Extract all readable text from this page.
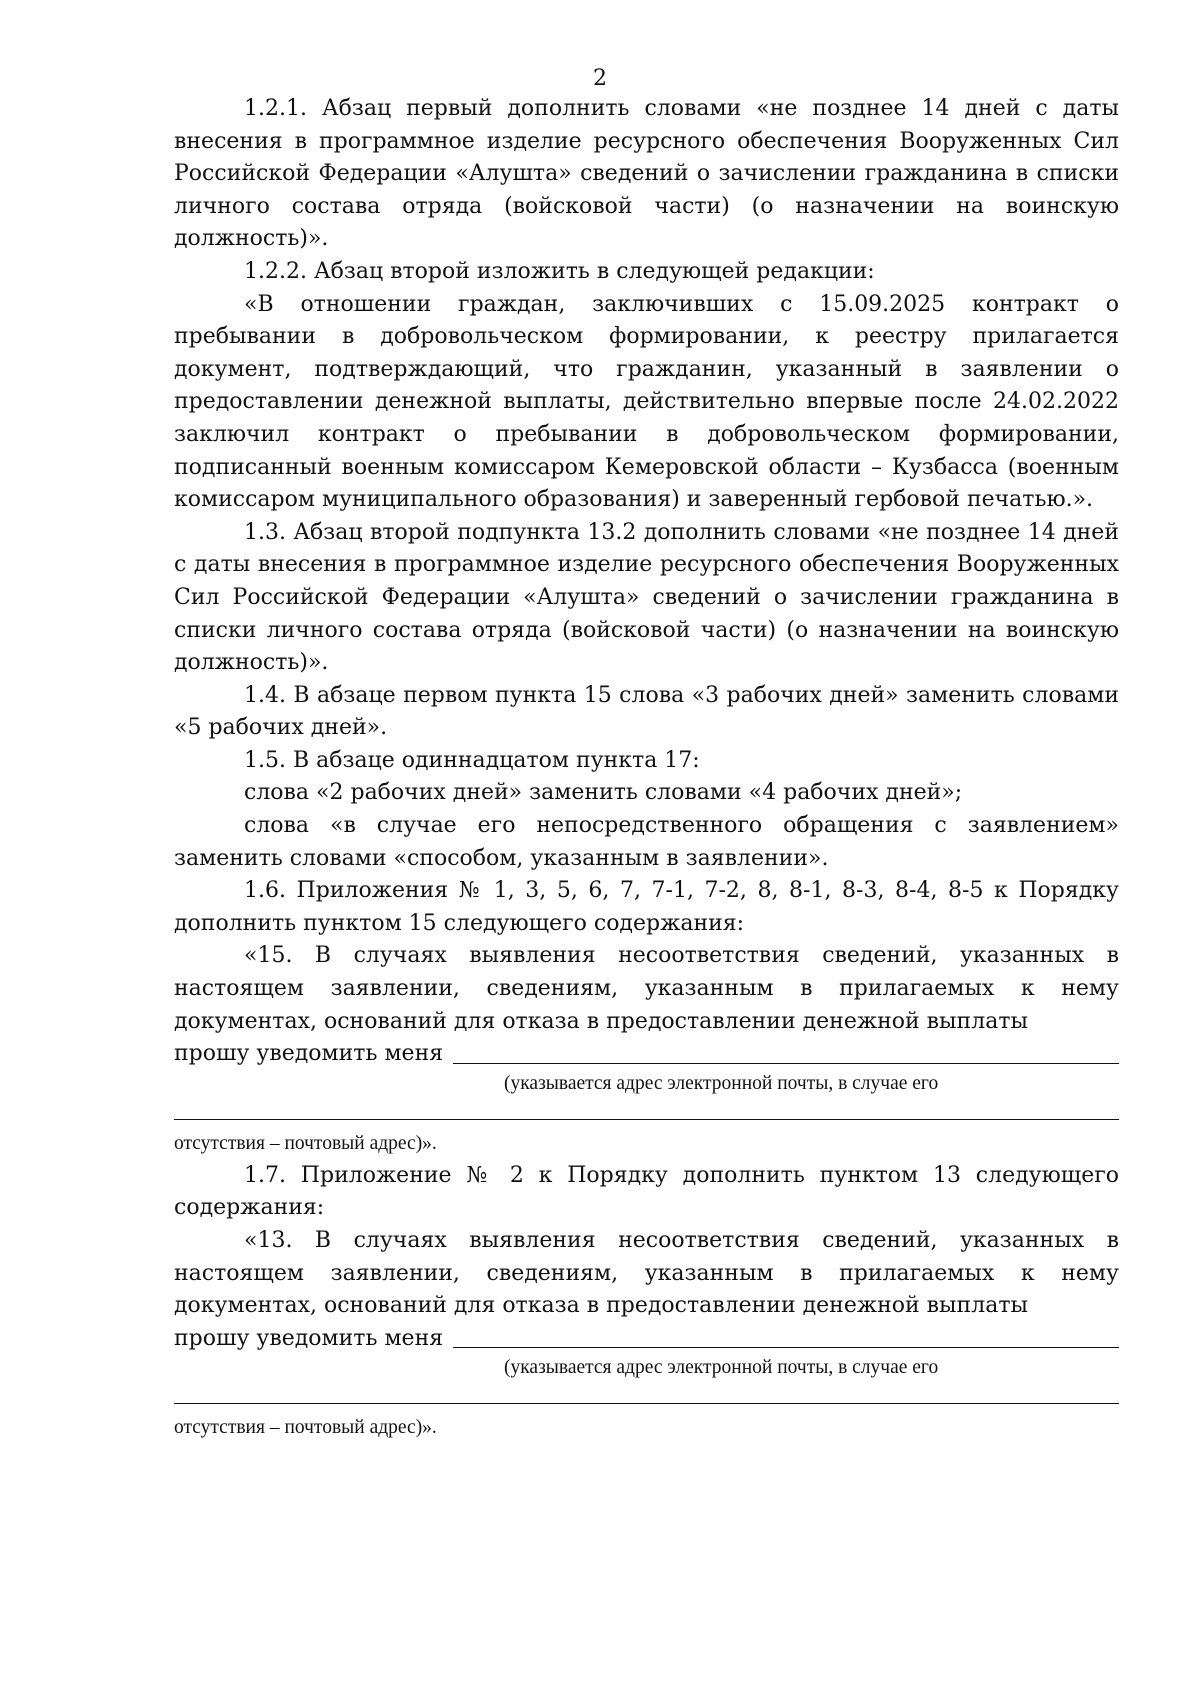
2

1.2.1. Абзац первый дополнить словами «не позднее 14 дней с даты внесения в программное изделие ресурсного обеспечения Вооруженных Сил Российской Федерации «Алушта» сведений о зачислении гражданина в списки личного состава отряда (войсковой части) (о назначении на воинскую должность)».

1.2.2. Абзац второй изложить в следующей редакции:

«В отношении граждан, заключивших с 15.09.2025 контракт о пребывании в добровольческом формировании, к реестру прилагается документ, подтверждающий, что гражданин, указанный в заявлении о предоставлении денежной выплаты, действительно впервые после 24.02.2022 заключил контракт о пребывании в добровольческом формировании, подписанный военным комиссаром Кемеровской области – Кузбасса (военным комиссаром муниципального образования) и заверенный гербовой печатью.».

1.3. Абзац второй подпункта 13.2 дополнить словами «не позднее 14 дней с даты внесения в программное изделие ресурсного обеспечения Вооруженных Сил Российской Федерации «Алушта» сведений о зачислении гражданина в списки личного состава отряда (войсковой части) (о назначении на воинскую должность)».

1.4. В абзаце первом пункта 15 слова «3 рабочих дней» заменить словами «5 рабочих дней».

1.5. В абзаце одиннадцатом пункта 17:

слова «2 рабочих дней» заменить словами «4 рабочих дней»;

слова «в случае его непосредственного обращения с заявлением» заменить словами «способом, указанным в заявлении».

1.6. Приложения № 1, 3, 5, 6, 7, 7-1, 7-2, 8, 8-1, 8-3, 8-4, 8-5 к Порядку дополнить пунктом 15 следующего содержания:

«15. В случаях выявления несоответствия сведений, указанных в настоящем заявлении, сведениям, указанным в прилагаемых к нему документах, оснований для отказа в предоставлении денежной выплаты

прошу уведомить меня
(указывается адрес электронной почты, в случае его
отсутствия – почтовый адрес)».

1.7. Приложение № 2 к Порядку дополнить пунктом 13 следующего содержания:

«13. В случаях выявления несоответствия сведений, указанных в настоящем заявлении, сведениям, указанным в прилагаемых к нему документах, оснований для отказа в предоставлении денежной выплаты

прошу уведомить меня
(указывается адрес электронной почты, в случае его
отсутствия – почтовый адрес)».
